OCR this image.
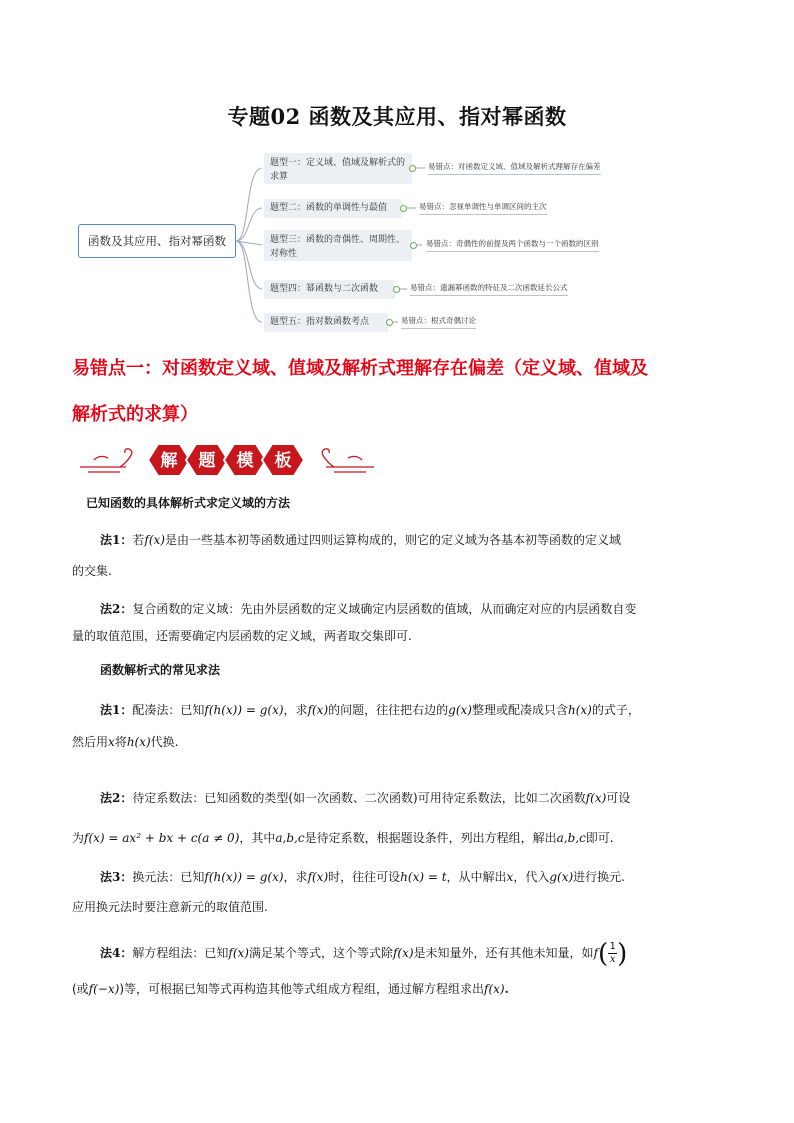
专题02 函数及其应用、指对幂函数
函数及其应用、指对幂函数
题型一：定义域、值域及解析式的求算
易错点：对函数定义域、值域及解析式理解存在偏差
题型二：函数的单调性与最值	易错点：忽视单调性与单调区间的主次
题型三：函数的奇偶性、周期性、对称性
易错点：奇偶性的前提及两个函数与一个函数的区别
题型四：幂函数与二次函数	易错点：遗漏幂函数的特征及二次函数延长公式
题型五：指对数函数考点	易错点：根式奇偶讨论
易错点一：对函数定义域、值域及解析式理解存在偏差（定义域、值域及
解析式的求算）
解 题 模 板
已知函数的具体解析式求定义域的方法
法1：若f(x)是由一些基本初等函数通过四则运算构成的，则它的定义域为各基本初等函数的定义域
的交集.
法2：复合函数的定义域：先由外层函数的定义域确定内层函数的值域，从而确定对应的内层函数自变
量的取值范围，还需要确定内层函数的定义域，两者取交集即可.
函数解析式的常见求法
法1：配凑法：已知f(h(x)) = g(x)，求f(x)的问题，往往把右边的g(x)整理或配凑成只含h(x)的式子，
然后用x将h(x)代换.
法2：待定系数法：已知函数的类型(如一次函数、二次函数)可用待定系数法，比如二次函数f(x)可设
为f(x) = ax² + bx + c(a ≠ 0)，其中a,b,c是待定系数，根据题设条件，列出方程组，解出a,b,c即可.
法3：换元法：已知f(h(x)) = g(x)，求f(x)时，往往可设h(x) = t，从中解出x，代入g(x)进行换元.
应用换元法时要注意新元的取值范围.
法4：解方程组法：已知f(x)满足某个等式，这个等式除f(x)是未知量外，还有其他未知量，如$f( \frac{1}{x}$ )
(或f(−x))等，可根据已知等式再构造其他等式组成方程组，通过解方程组求出f(x).
